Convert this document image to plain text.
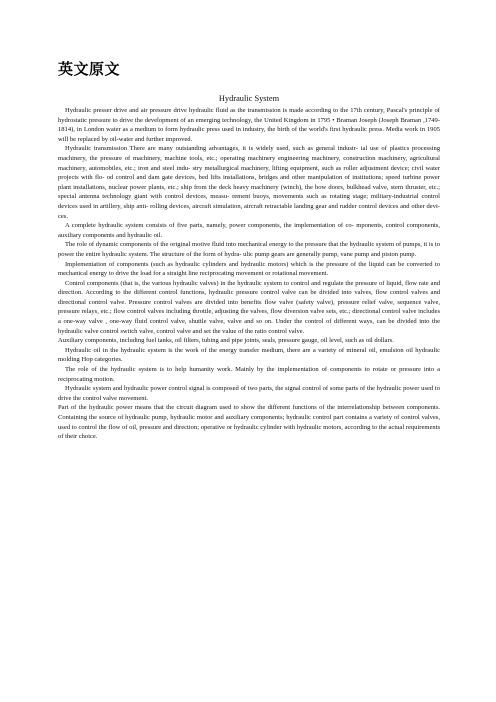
英文原文
Hydraulic System

Hydraulic presser drive and air pressure drive hydraulic fluid as the transmission is made according to the 17th century, Pascal's principle of hydrostatic pressure to drive the development of an emerging technology, the United Kingdom in 1795 • Braman Joseph (Joseph Braman ,1749-1814), in London water as a medium to form hydraulic press used in industry, the birth of the world's first hydraulic press. Media work in 1905 will be replaced by oil-water and further improved.

Hydraulic transmission There are many outstanding advantages, it is widely used, such as general industr- ial use of plastics processing machinery, the pressure of machinery, machine tools, etc.; operating machinery engineering machinery, construction machinery, agricultural machinery, automobiles, etc.; iron and steel indu- stry metallurgical machinery, lifting equipment, such as roller adjustment device; civil water projects with flo- od control and dam gate devices, bed lifts installations, bridges and other manipulation of institutions; speed turbine power plant installations, nuclear power plants, etc.; ship from the deck heavy machinery (winch), the bow doors, bulkhead valve, stern thruster, etc.; special antenna technology giant with control devices, measu- rement buoys, movements such as rotating stage; military-industrial control devices used in artillery, ship anti- rolling devices, aircraft simulation, aircraft retractable landing gear and rudder control devices and other devi- ces.

A complete hydraulic system consists of five parts, namely, power components, the implementation of co- mponents, control components, auxiliary components and hydraulic oil.

The role of dynamic components of the original motive fluid into mechanical energy to the pressure that the hydraulic system of pumps, it is to power the entire hydraulic system. The structure of the form of hydra- ulic pump gears are generally pump, vane pump and piston pump.

Implementation of components (such as hydraulic cylinders and hydraulic motors) which is the pressure of the liquid can be converted to mechanical energy to drive the load for a straight line reciprocating movement or rotational movement.

Control components (that is, the various hydraulic valves) in the hydraulic system to control and regulate the pressure of liquid, flow rate and direction. According to the different control functions, hydraulic pressure control valve can be divided into valves, flow control valves and directional control valve. Pressure control valves are divided into benefits flow valve (safety valve), pressure relief valve, sequence valve, pressure relays, etc.; flow control valves including throttle, adjusting the valves, flow diversion valve sets, etc.; directional control valve includes a one-way valve , one-way fluid control valve, shuttle valve, valve and so on. Under the control of different ways, can be divided into the hydraulic valve control switch valve, control valve and set the value of the ratio control valve.

Auxiliary components, including fuel tanks, oil filters, tubing and pipe joints, seals, pressure gauge, oil level, such as oil dollars.

Hydraulic oil in the hydraulic system is the work of the energy transfer medium, there are a variety of mineral oil, emulsion oil hydraulic molding Hop categories.

The role of the hydraulic system is to help humanity work. Mainly by the implementation of components to rotate or pressure into a reciprocating motion.

Hydraulic system and hydraulic power control signal is composed of two parts, the signal control of some parts of the hydraulic power used to drive the control valve movement.

Part of the hydraulic power means that the circuit diagram used to show the different functions of the interrelationship between components. Containing the source of hydraulic pump, hydraulic motor and auxiliary components; hydraulic control part contains a variety of control valves, used to control the flow of oil, pressure and direction; operative or hydraulic cylinder with hydraulic motors, according to the actual requirements of their choice.
